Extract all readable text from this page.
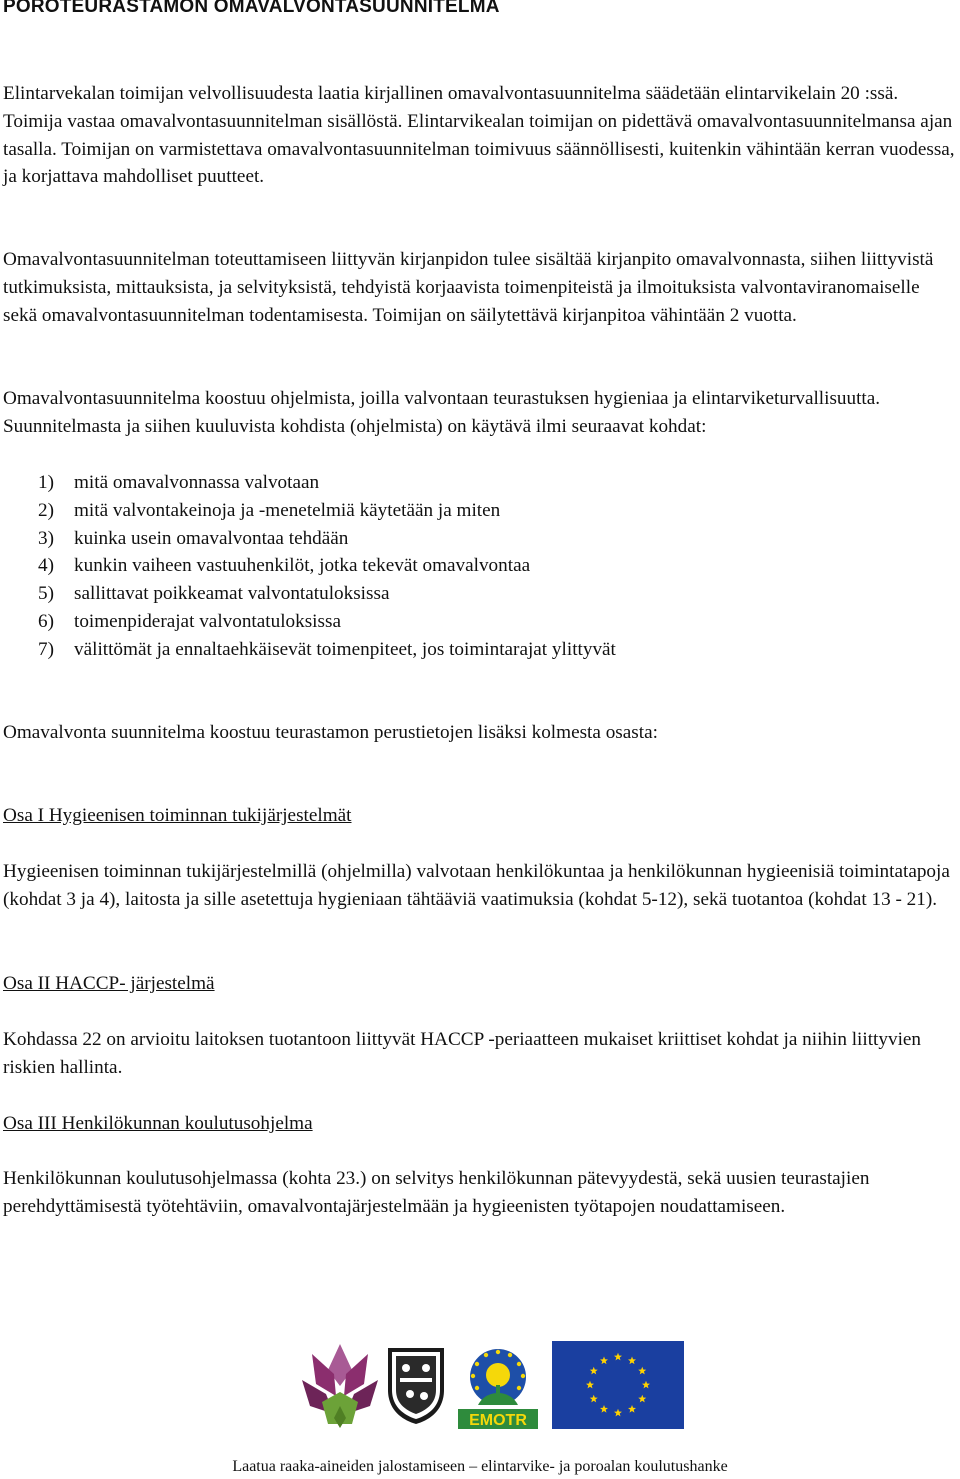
POROTEURASTAMON OMAVALVONTASUUNNITELMA

Elintarvekalan toimijan velvollisuudesta laatia kirjallinen omavalvontasuunnitelma säädetään elintarvikelain 20 :ssä. Toimija vastaa omavalvontasuunnitelman sisällöstä. Elintarvikealan toimijan on pidettävä omavalvontasuunnitelmansa ajan tasalla. Toimijan on varmistettava omavalvontasuunnitelman toimivuus säännöllisesti, kuitenkin vähintään kerran vuodessa, ja korjattava mahdolliset puutteet.

Omavalvontasuunnitelman toteuttamiseen liittyvän kirjanpidon tulee sisältää kirjanpito omavalvonnasta, siihen liittyvistä tutkimuksista, mittauksista, ja selvityksistä, tehdyistä korjaavista toimenpiteistä ja ilmoituksista valvontaviranomaiselle sekä omavalvontasuunnitelman todentamisesta. Toimijan on säilytettävä kirjanpitoa vähintään 2 vuotta.

Omavalvontasuunnitelma koostuu ohjelmista, joilla valvontaan teurastuksen hygieniaa ja elintarviketurvallisuutta. Suunnitelmasta ja siihen kuuluvista kohdista (ohjelmista) on käytävä ilmi seuraavat kohdat:

1)	mitä omavalvonnassa valvotaan
2)	mitä valvontakeinoja ja -menetelmiä käytetään ja miten
3)	kuinka usein omavalvontaa tehdään
4)	kunkin vaiheen vastuuhenkilöt, jotka tekevät omavalvontaa
5)	sallittavat poikkeamat valvontatuloksissa
6)	toimenpiderajat valvontatuloksissa
7)	välittömät ja ennaltaehkäisevät toimenpiteet, jos toimintarajat ylittyvät

Omavalvonta suunnitelma koostuu teurastamon perustietojen lisäksi kolmesta osasta:

Osa I Hygieenisen toiminnan tukijärjestelmät

Hygieenisen toiminnan tukijärjestelmillä (ohjelmilla) valvotaan henkilökuntaa ja henkilökunnan hygieenisiä toimintatapoja (kohdat 3 ja 4), laitosta ja sille asetettuja hygieniaan tähtääviä vaatimuksia (kohdat 5-12), sekä tuotantoa (kohdat 13 - 21).

Osa II HACCP- järjestelmä

Kohdassa 22 on arvioitu laitoksen tuotantoon liittyvät HACCP -periaatteen mukaiset kriittiset kohdat ja niihin liittyvien riskien hallinta.

Osa III Henkilökunnan koulutusohjelma

Henkilökunnan koulutusohjelmassa (kohta 23.) on selvitys henkilökunnan pätevyydestä, sekä uusien teurastajien perehdyttämisestä työtehtäviin, omavalvontajärjestelmään ja hygieenisten työtapojen noudattamiseen.

EMOTR
Laatua raaka-aineiden jalostamiseen – elintarvike- ja poroalan koulutushanke
